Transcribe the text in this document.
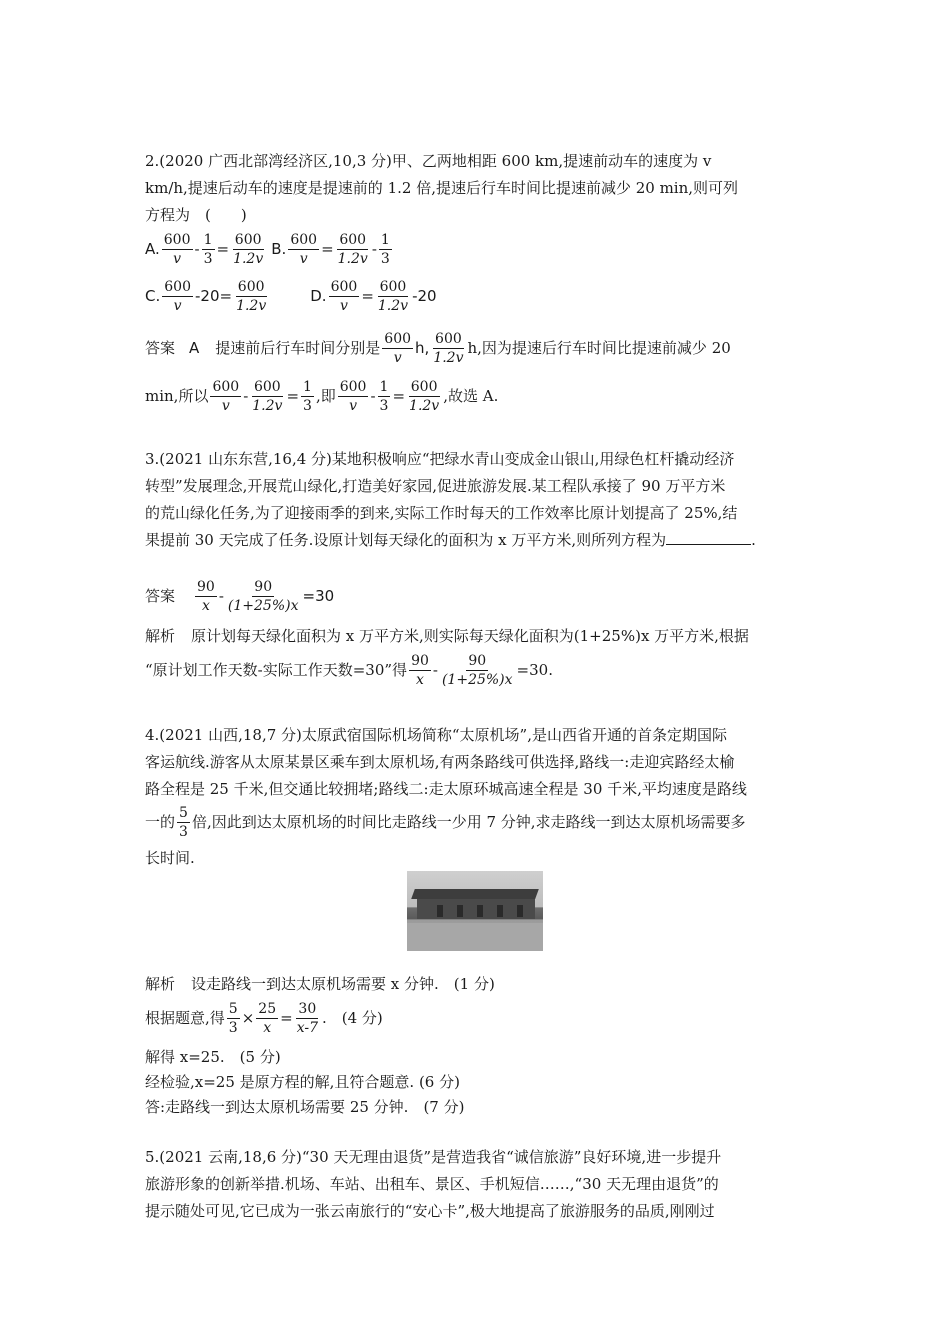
2.(2020 广西北部湾经济区,10,3 分)甲、乙两地相距 600 km,提速前动车的速度为 v
km/h,提速后动车的速度是提速前的 1.2 倍,提速后行车时间比提速前减少 20 min,则可列
方程为　(　　)
A. $\frac{600}{v} - \frac{1}{3} = \frac{600}{1.2v} B$. $\frac{600}{v} = \frac{600}{1.2v} - \frac{1}{3}$
C. $\frac{600}{v} -20 = \frac{600}{1.2v}$	D. $\frac{600}{v} = \frac{600}{1.2v} -20$
答案 A 提速前后行车时间分别是 $\frac{600}{v} h$, $\frac{600}{1.2v} h$,因为提速后行车时间比提速前减少 20
min,所以 $\frac{600}{v} - \frac{600}{1.2v} = \frac{1}{3}$ ,即 $\frac{600}{v} - \frac{1}{3} = \frac{600}{1.2v}$ ,故选 A.
3.(2021 山东东营,16,4 分)某地积极响应“把绿水青山变成金山银山,用绿色杠杆撬动经济
转型”发展理念,开展荒山绿化,打造美好家园,促进旅游发展.某工程队承接了 90 万平方米
的荒山绿化任务,为了迎接雨季的到来,实际工作时每天的工作效率比原计划提高了 25%,结
果提前 30 天完成了任务.设原计划每天绿化的面积为 x 万平方米,则所列方程为	.
答案 $\frac{90}{x} - \frac{90}{(1+25\%)x} =30$
解析 原计划每天绿化面积为 x 万平方米,则实际每天绿化面积为(1+25%)x 万平方米,根据
“原计划工作天数-实际工作天数=30”得 $\frac{90}{x} - \frac{90}{(1+25\%)x} =30$.
4.(2021 山西,18,7 分)太原武宿国际机场简称“太原机场”,是山西省开通的首条定期国际
客运航线.游客从太原某景区乘车到太原机场,有两条路线可供选择,路线一:走迎宾路经太榆
路全程是 25 千米,但交通比较拥堵;路线二:走太原环城高速全程是 30 千米,平均速度是路线
一的 $\frac{5}{3}$ 倍,因此到达太原机场的时间比走路线一少用 7 分钟,求走路线一到达太原机场需要多
长时间.
解析 设走路线一到达太原机场需要 x 分钟.　(1 分)
根据题意,得 $\frac{5}{3} \times \frac{25}{x} = \frac{30}{x-7}$ .　(4 分)
解得 x=25.　(5 分)
经检验,x=25 是原方程的解,且符合题意. (6 分)
答:走路线一到达太原机场需要 25 分钟.　(7 分)
5.(2021 云南,18,6 分)“30 天无理由退货”是营造我省“诚信旅游”良好环境,进一步提升
旅游形象的创新举措.机场、车站、出租车、景区、手机短信……,“30 天无理由退货”的
提示随处可见,它已成为一张云南旅行的“安心卡”,极大地提高了旅游服务的品质,刚刚过
